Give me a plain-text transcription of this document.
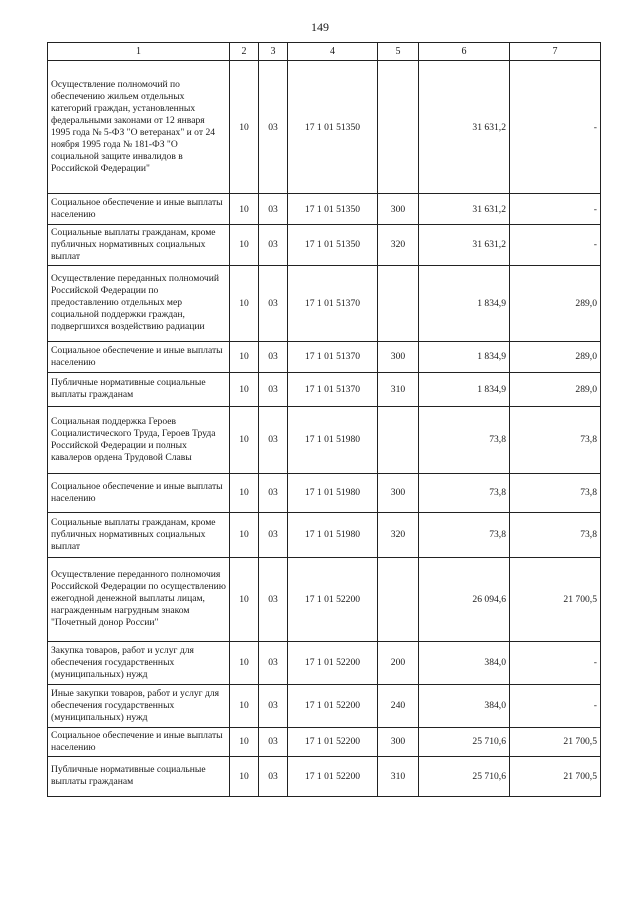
149
1	2	3	4	5	6	7
Осуществление полномочий по обеспечению жильем отдельных категорий граждан, установленных федеральными законами от 12 января 1995 года № 5-ФЗ "О ветеранах" и от 24 ноября 1995 года № 181-ФЗ "О социальной защите инвалидов в Российской Федерации"	10	03	17 1 01 51350		31 631,2	-
Социальное обеспечение и иные выплаты населению	10	03	17 1 01 51350	300	31 631,2	-
Социальные выплаты гражданам, кроме публичных нормативных социальных выплат	10	03	17 1 01 51350	320	31 631,2	-
Осуществление переданных полномочий Российской Федерации по предоставлению отдельных мер социальной поддержки граждан, подвергшихся воздействию радиации	10	03	17 1 01 51370		1 834,9	289,0
Социальное обеспечение и иные выплаты населению	10	03	17 1 01 51370	300	1 834,9	289,0
Публичные нормативные социальные выплаты гражданам	10	03	17 1 01 51370	310	1 834,9	289,0
Социальная поддержка Героев Социалистического Труда, Героев Труда Российской Федерации и полных кавалеров ордена Трудовой Славы	10	03	17 1 01 51980		73,8	73,8
Социальное обеспечение и иные выплаты населению	10	03	17 1 01 51980	300	73,8	73,8
Социальные выплаты гражданам, кроме публичных нормативных социальных выплат	10	03	17 1 01 51980	320	73,8	73,8
Осуществление переданного полномочия Российской Федерации по осуществлению ежегодной денежной выплаты лицам, награжденным нагрудным знаком "Почетный донор России"	10	03	17 1 01 52200		26 094,6	21 700,5
Закупка товаров, работ и услуг для обеспечения государственных (муниципальных) нужд	10	03	17 1 01 52200	200	384,0	-
Иные закупки товаров, работ и услуг для обеспечения государственных (муниципальных) нужд	10	03	17 1 01 52200	240	384,0	-
Социальное обеспечение и иные выплаты населению	10	03	17 1 01 52200	300	25 710,6	21 700,5
Публичные нормативные социальные выплаты гражданам	10	03	17 1 01 52200	310	25 710,6	21 700,5
